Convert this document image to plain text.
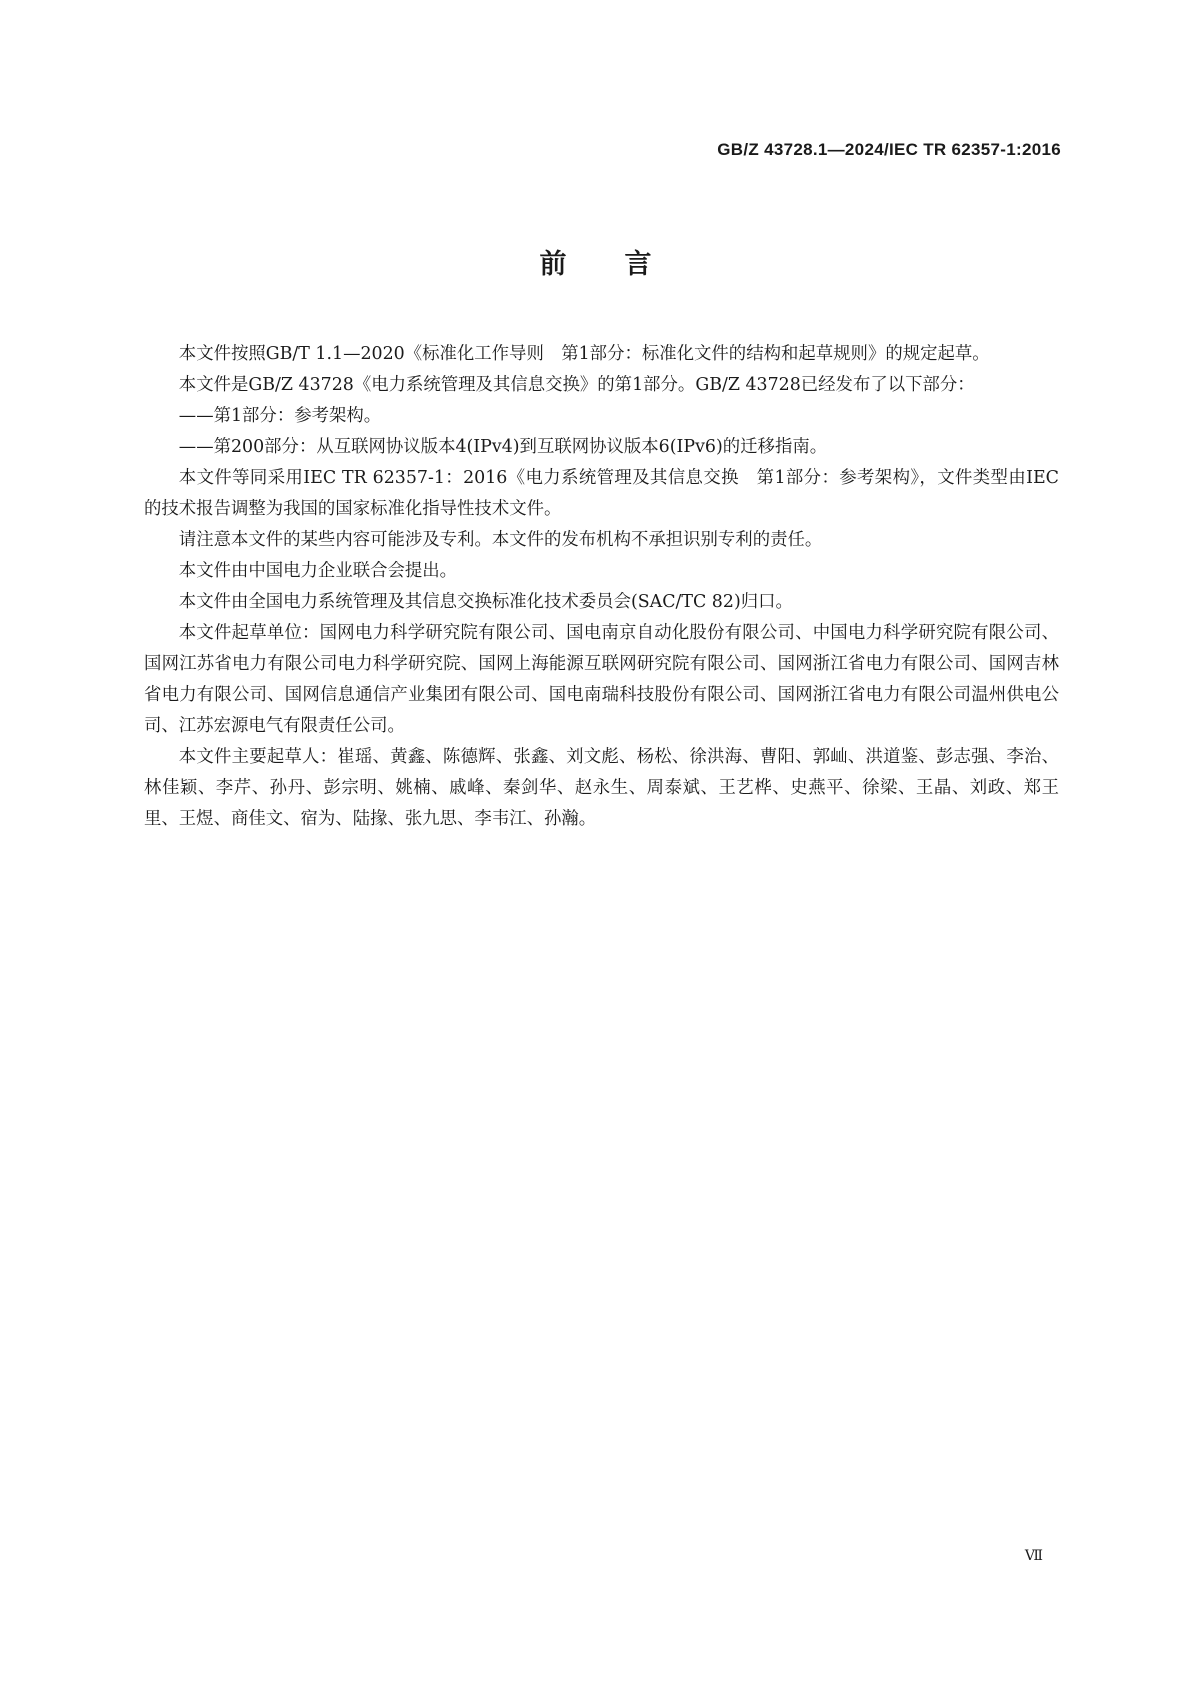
GB/Z 43728.1—2024/IEC TR 62357-1:2016
前言

本文件按照GB/T 1.1—2020《标准化工作导则　第1部分：标准化文件的结构和起草规则》的规定起草。

本文件是GB/Z 43728《电力系统管理及其信息交换》的第1部分。GB/Z 43728已经发布了以下部分：

——第1部分：参考架构。

——第200部分：从互联网协议版本4(IPv4)到互联网协议版本6(IPv6)的迁移指南。

本文件等同采用IEC TR 62357-1：2016《电力系统管理及其信息交换　第1部分：参考架构》，文件类型由IEC的技术报告调整为我国的国家标准化指导性技术文件。

请注意本文件的某些内容可能涉及专利。本文件的发布机构不承担识别专利的责任。

本文件由中国电力企业联合会提出。

本文件由全国电力系统管理及其信息交换标准化技术委员会(SAC/TC 82)归口。

本文件起草单位：国网电力科学研究院有限公司、国电南京自动化股份有限公司、中国电力科学研究院有限公司、国网江苏省电力有限公司电力科学研究院、国网上海能源互联网研究院有限公司、国网浙江省电力有限公司、国网吉林省电力有限公司、国网信息通信产业集团有限公司、国电南瑞科技股份有限公司、国网浙江省电力有限公司温州供电公司、江苏宏源电气有限责任公司。

本文件主要起草人：崔瑶、黄鑫、陈德辉、张鑫、刘文彪、杨松、徐洪海、曹阳、郭屾、洪道鉴、彭志强、李治、林佳颖、李芹、孙丹、彭宗明、姚楠、戚峰、秦剑华、赵永生、周泰斌、王艺桦、史燕平、徐梁、王晶、刘政、郑王里、王煜、商佳文、宿为、陆掾、张九思、李韦江、孙瀚。

Ⅶ
